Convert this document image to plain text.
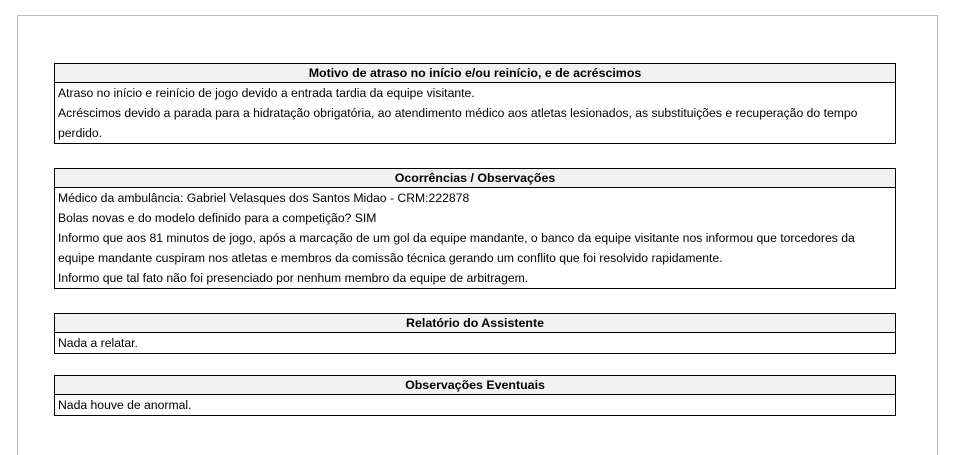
Motivo de atraso no início e/ou reinício, e de acréscimos

Atraso no início e reinício de jogo devido a entrada tardia da equipe visitante.

Acréscimos devido a parada para a hidratação obrigatória, ao atendimento médico aos atletas lesionados, as substituições e recuperação do tempo perdido.

Ocorrências / Observações

Médico da ambulância: Gabriel Velasques dos Santos Midao - CRM:222878

Bolas novas e do modelo definido para a competição? SIM

Informo que aos 81 minutos de jogo, após a marcação de um gol da equipe mandante, o banco da equipe visitante nos informou que torcedores da equipe mandante cuspiram nos atletas e membros da comissão técnica gerando um conflito que foi resolvido rapidamente.

Informo que tal fato não foi presenciado por nenhum membro da equipe de arbitragem.

Relatório do Assistente

Nada a relatar.

Observações Eventuais

Nada houve de anormal.
